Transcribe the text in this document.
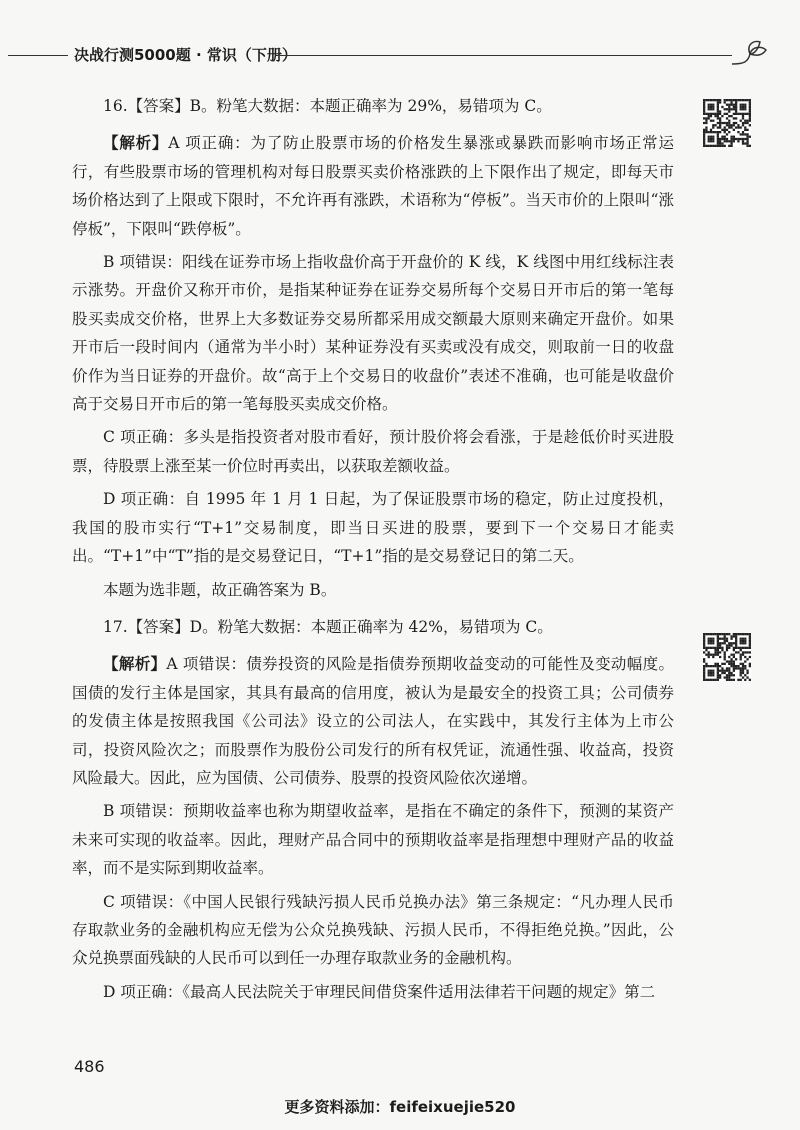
决战行测5000题 · 常识（下册）

16.【答案】B。粉笔大数据：本题正确率为 29%，易错项为 C。

【解析】A 项正确：为了防止股票市场的价格发生暴涨或暴跌而影响市场正常运行，有些股票市场的管理机构对每日股票买卖价格涨跌的上下限作出了规定，即每天市场价格达到了上限或下限时，不允许再有涨跌，术语称为“停板”。当天市价的上限叫“涨停板”，下限叫“跌停板”。

B 项错误：阳线在证券市场上指收盘价高于开盘价的 K 线，K 线图中用红线标注表示涨势。开盘价又称开市价，是指某种证券在证券交易所每个交易日开市后的第一笔每股买卖成交价格，世界上大多数证券交易所都采用成交额最大原则来确定开盘价。如果开市后一段时间内（通常为半小时）某种证券没有买卖或没有成交，则取前一日的收盘价作为当日证券的开盘价。故“高于上个交易日的收盘价”表述不准确，也可能是收盘价高于交易日开市后的第一笔每股买卖成交价格。

C 项正确：多头是指投资者对股市看好，预计股价将会看涨，于是趁低价时买进股票，待股票上涨至某一价位时再卖出，以获取差额收益。

D 项正确：自 1995 年 1 月 1 日起，为了保证股票市场的稳定，防止过度投机，我国的股市实行“T+1”交易制度，即当日买进的股票，要到下一个交易日才能卖出。“T+1”中“T”指的是交易登记日，“T+1”指的是交易登记日的第二天。

本题为选非题，故正确答案为 B。

17.【答案】D。粉笔大数据：本题正确率为 42%，易错项为 C。

【解析】A 项错误：债券投资的风险是指债券预期收益变动的可能性及变动幅度。国债的发行主体是国家，其具有最高的信用度，被认为是最安全的投资工具；公司债券的发债主体是按照我国《公司法》设立的公司法人，在实践中，其发行主体为上市公司，投资风险次之；而股票作为股份公司发行的所有权凭证，流通性强、收益高，投资风险最大。因此，应为国债、公司债券、股票的投资风险依次递增。

B 项错误：预期收益率也称为期望收益率，是指在不确定的条件下，预测的某资产未来可实现的收益率。因此，理财产品合同中的预期收益率是指理想中理财产品的收益率，而不是实际到期收益率。

C 项错误：《中国人民银行残缺污损人民币兑换办法》第三条规定：“凡办理人民币存取款业务的金融机构应无偿为公众兑换残缺、污损人民币，不得拒绝兑换。”因此，公众兑换票面残缺的人民币可以到任一办理存取款业务的金融机构。

D 项正确：《最高人民法院关于审理民间借贷案件适用法律若干问题的规定》第二

486
更多资料添加：feifeixuejie520
